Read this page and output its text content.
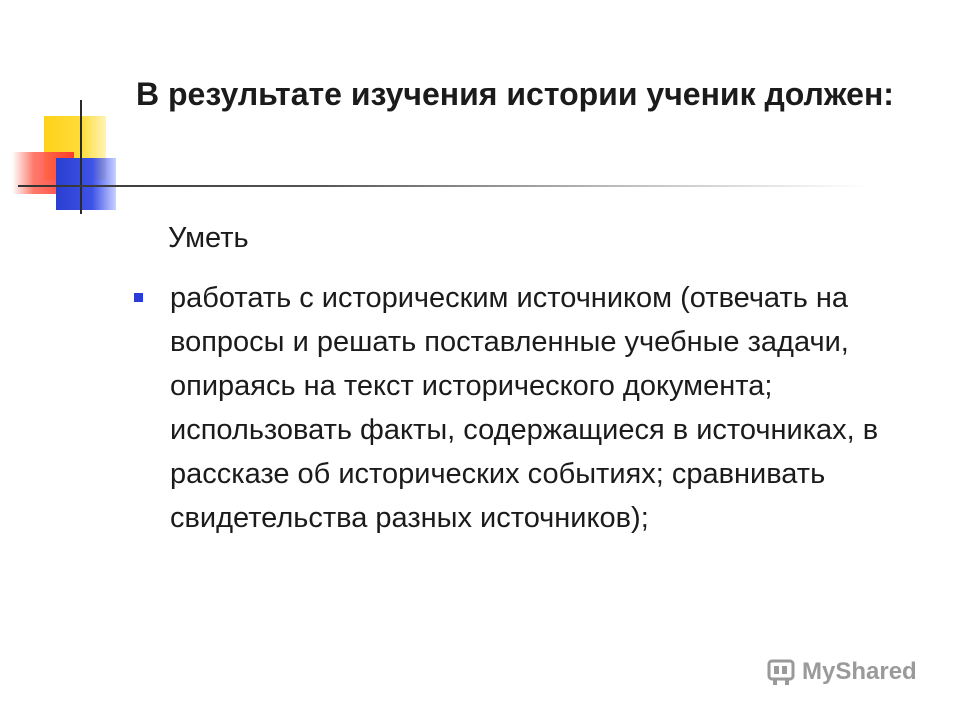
В результате изучения истории ученик должен:
Уметь
работать с историческим источником (отвечать на вопросы и решать поставленные учебные задачи, опираясь на текст исторического документа; использовать факты, содержащиеся в источниках, в рассказе об исторических событиях; сравнивать свидетельства разных источников);
MyShared
